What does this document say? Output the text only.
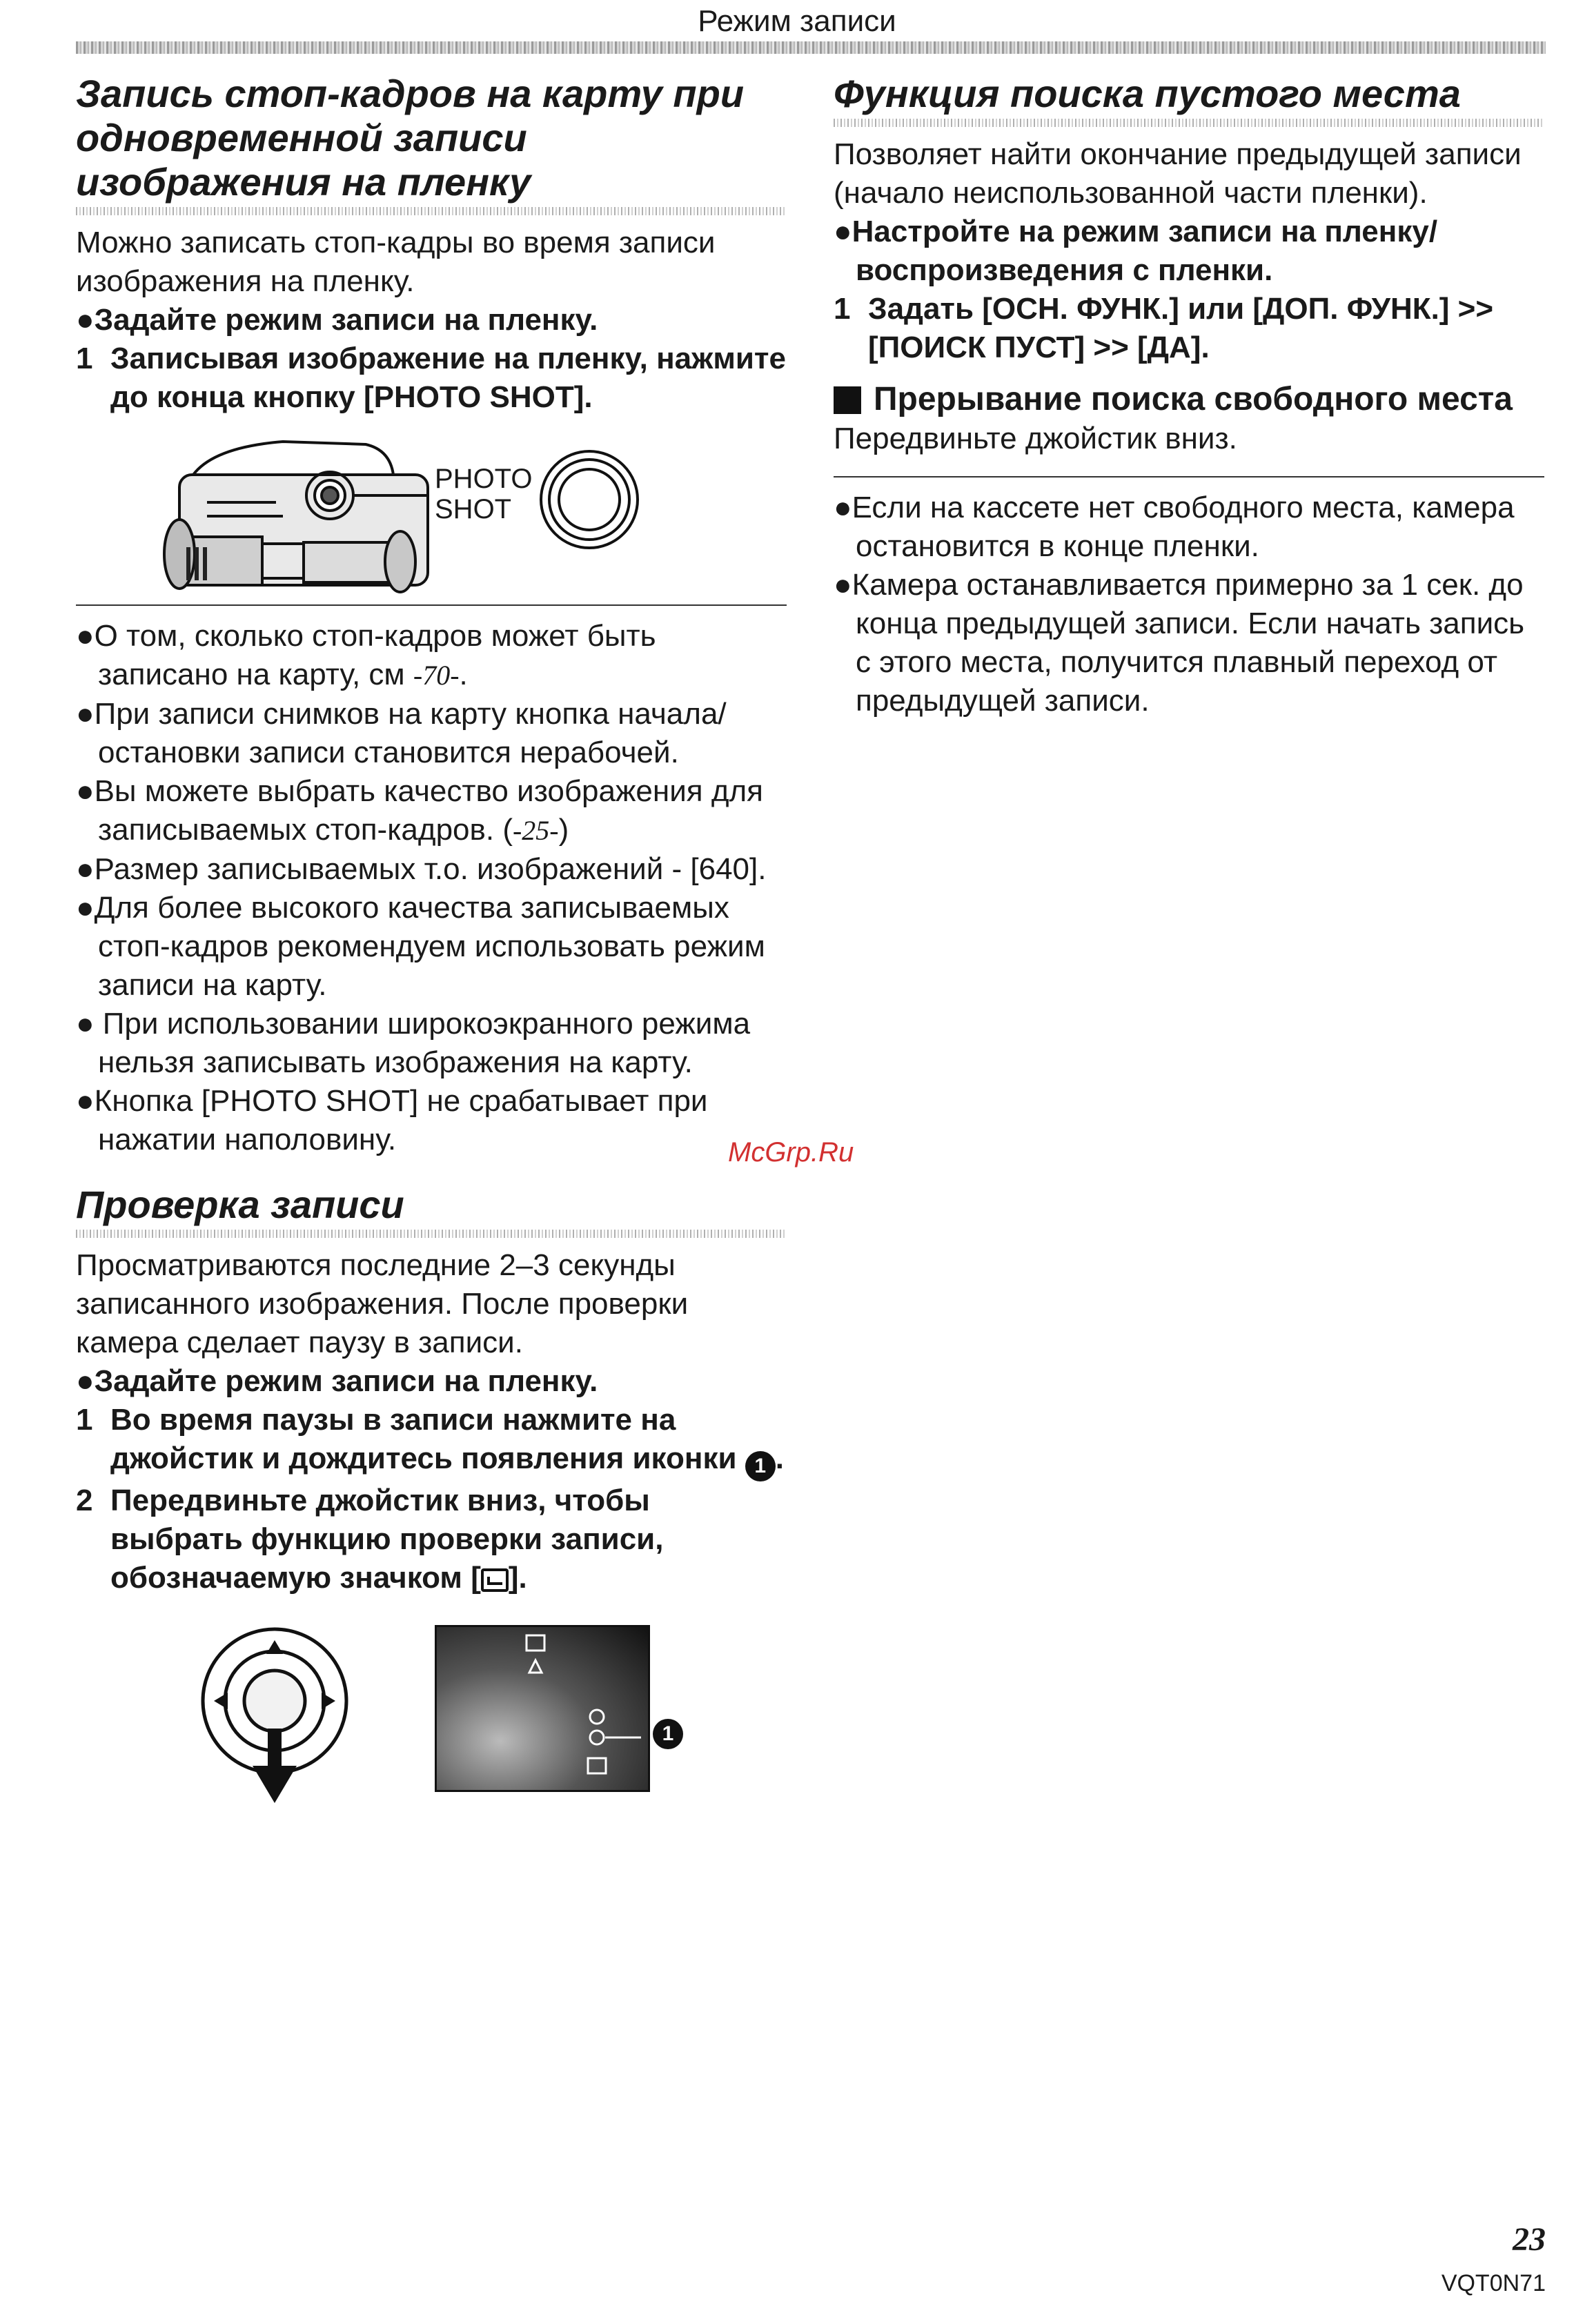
Режим записи
Запись стоп-кадров на карту при одновременной записи изображения на пленку

Можно записать стоп-кадры во время записи изображения на пленку.

●Задайте режим записи на пленку.

1 Записывая изображение на пленку, нажмите до конца кнопку [PHOTO SHOT].
PHOTO
SHOT

●О том, сколько стоп-кадров может быть записано на карту, см -70-.

●При записи снимков на карту кнопка начала/остановки записи становится нерабочей.

●Вы можете выбрать качество изображения для записываемых стоп-кадров. (-25-)

●Размер записываемых т.о. изображений - [640].

●Для более высокого качества записываемых стоп-кадров рекомендуем использовать режим записи на карту.

● При использовании широкоэкранного режима нельзя записывать изображения на карту.

●Кнопка [PHOTO SHOT] не срабатывает при нажатии наполовину.

Проверка записи

Просматриваются последние 2–3 секунды записанного изображения. После проверки камера сделает паузу в записи.

●Задайте режим записи на пленку.

1 Во время паузы в записи нажмите на джойстик и дождитесь появления иконки 1 .
2 Передвиньте джойстик вниз, чтобы выбрать функцию проверки записи, обозначаемую значком [ ].
1
Функция поиска пустого места

Позволяет найти окончание предыдущей записи (начало неиспользованной части пленки).

●Настройте на режим записи на пленку/ воспроизведения с пленки.

1 Задать [ОСН. ФУНК.] или [ДОП. ФУНК.] >> [ПОИСК ПУСТ] >> [ДА].
Прерывание поиска свободного места

Передвиньте джойстик вниз.

●Если на кассете нет свободного места, камера остановится в конце пленки.

●Камера останавливается примерно за 1 сек. до конца предыдущей записи. Если начать запись с этого места, получится плавный переход от предыдущей записи.

McGrp.Ru
23
VQT0N71
